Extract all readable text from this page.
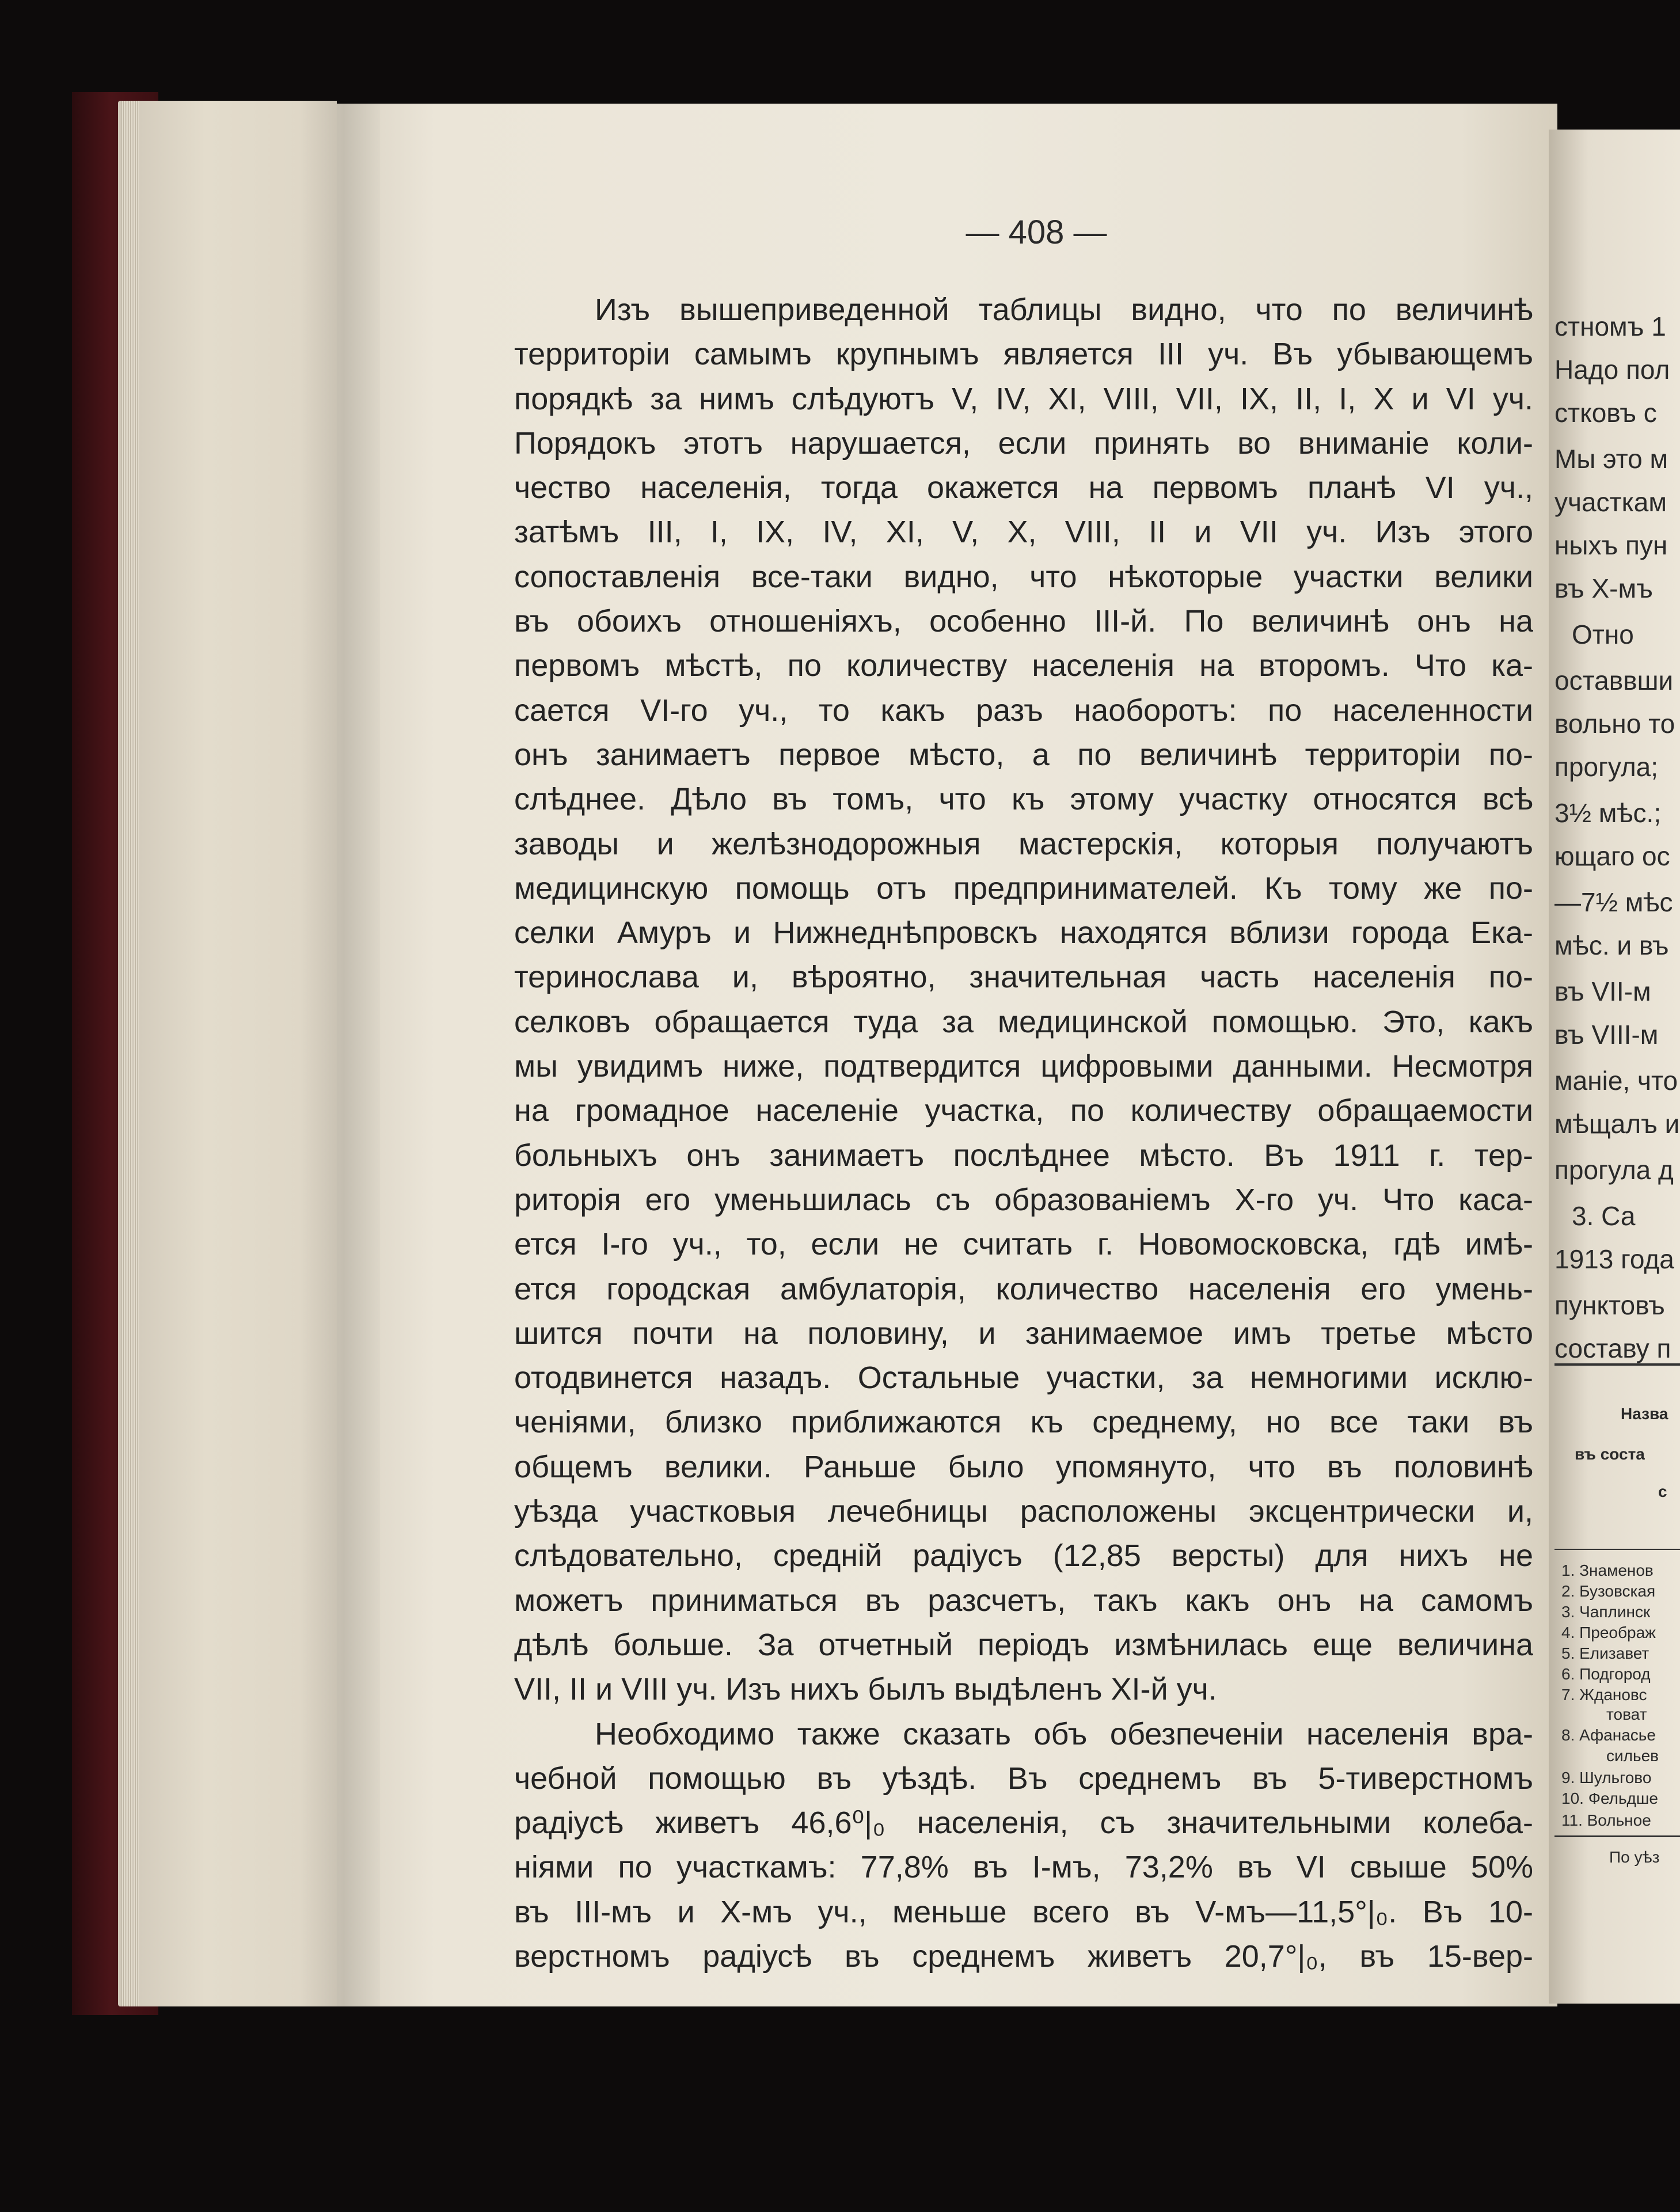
— 408 —
Изъ вышеприведенной таблицы видно, что по величинѣ
территоріи самымъ крупнымъ является III уч. Въ убывающемъ
порядкѣ за нимъ слѣдуютъ V, IV, XI, VIII, VII, IX, II, I, X и VI уч.
Порядокъ этотъ нарушается, если принять во вниманіе коли-
чество населенія, тогда окажется на первомъ планѣ VI уч.,
затѣмъ III, I, IX, IV, XI, V, X, VIII, II и VII уч. Изъ этого
сопоставленія все-таки видно, что нѣкоторые участки велики
въ обоихъ отношеніяхъ, особенно III-й. По величинѣ онъ на
первомъ мѣстѣ, по количеству населенія на второмъ. Что ка-
сается VI-го уч., то какъ разъ наоборотъ: по населенности
онъ занимаетъ первое мѣсто, а по величинѣ территоріи по-
слѣднее. Дѣло въ томъ, что къ этому участку относятся всѣ
заводы и желѣзнодорожныя мастерскія, которыя получаютъ
медицинскую помощь отъ предпринимателей. Къ тому же по-
селки Амуръ и Нижнеднѣпровскъ находятся вблизи города Ека-
теринослава и, вѣроятно, значительная часть населенія по-
селковъ обращается туда за медицинской помощью. Это, какъ
мы увидимъ ниже, подтвердится цифровыми данными. Несмотря
на громадное населеніе участка, по количеству обращаемости
больныхъ онъ занимаетъ послѣднее мѣсто. Въ 1911 г. тер-
риторія его уменьшилась съ образованіемъ X-го уч. Что каса-
ется I-го уч., то, если не считать г. Новомосковска, гдѣ имѣ-
ется городская амбулаторія, количество населенія его умень-
шится почти на половину, и занимаемое имъ третье мѣсто
отодвинется назадъ. Остальные участки, за немногими исклю-
ченіями, близко приближаются къ среднему, но все таки въ
общемъ велики. Раньше было упомянуто, что въ половинѣ
уѣзда участковыя лечебницы расположены эксцентрически и,
слѣдовательно, средній радіусъ (12,85 версты) для нихъ не
можетъ приниматься въ разсчетъ, такъ какъ онъ на самомъ
дѣлѣ больше. За отчетный періодъ измѣнилась еще величина
VII, II и VIII уч. Изъ нихъ былъ выдѣленъ XI-й уч.
Необходимо также сказать объ обезпеченіи населенія вра-
чебной помощью въ уѣздѣ. Въ среднемъ въ 5-тиверстномъ
радіусѣ живетъ 46,6⁰|₀ населенія, съ значительными колеба-
ніями по участкамъ: 77,8% въ I-мъ, 73,2% въ VI свыше 50%
въ III-мъ и X-мъ уч., меньше всего въ V-мъ—11,5°|₀. Въ 10-
верстномъ радіусѣ въ среднемъ живетъ 20,7°|₀, въ 15-вер-
стномъ 1
Надо пол
стковъ с
Мы это м
участкам
ныхъ пун
въ X-мъ
Отно
оставвши
вольно то
прогула;
3½ мѣс.;
ющаго ос
—7½ мѣс
мѣс. и въ
въ VII-м
въ VIII-м
маніе, что
мѣщалъ и
прогула д
3. Са
1913 года
пунктовъ
составу п
Назва
въ соста
с
1. Знаменов
2. Бузовская
3. Чаплинск
4. Преображ
5. Елизавет
6. Подгород
7. Ждановс
товат
8. Афанасье
сильев
9. Шульгово
10. Фельдше
11. Вольное
По уѣз
